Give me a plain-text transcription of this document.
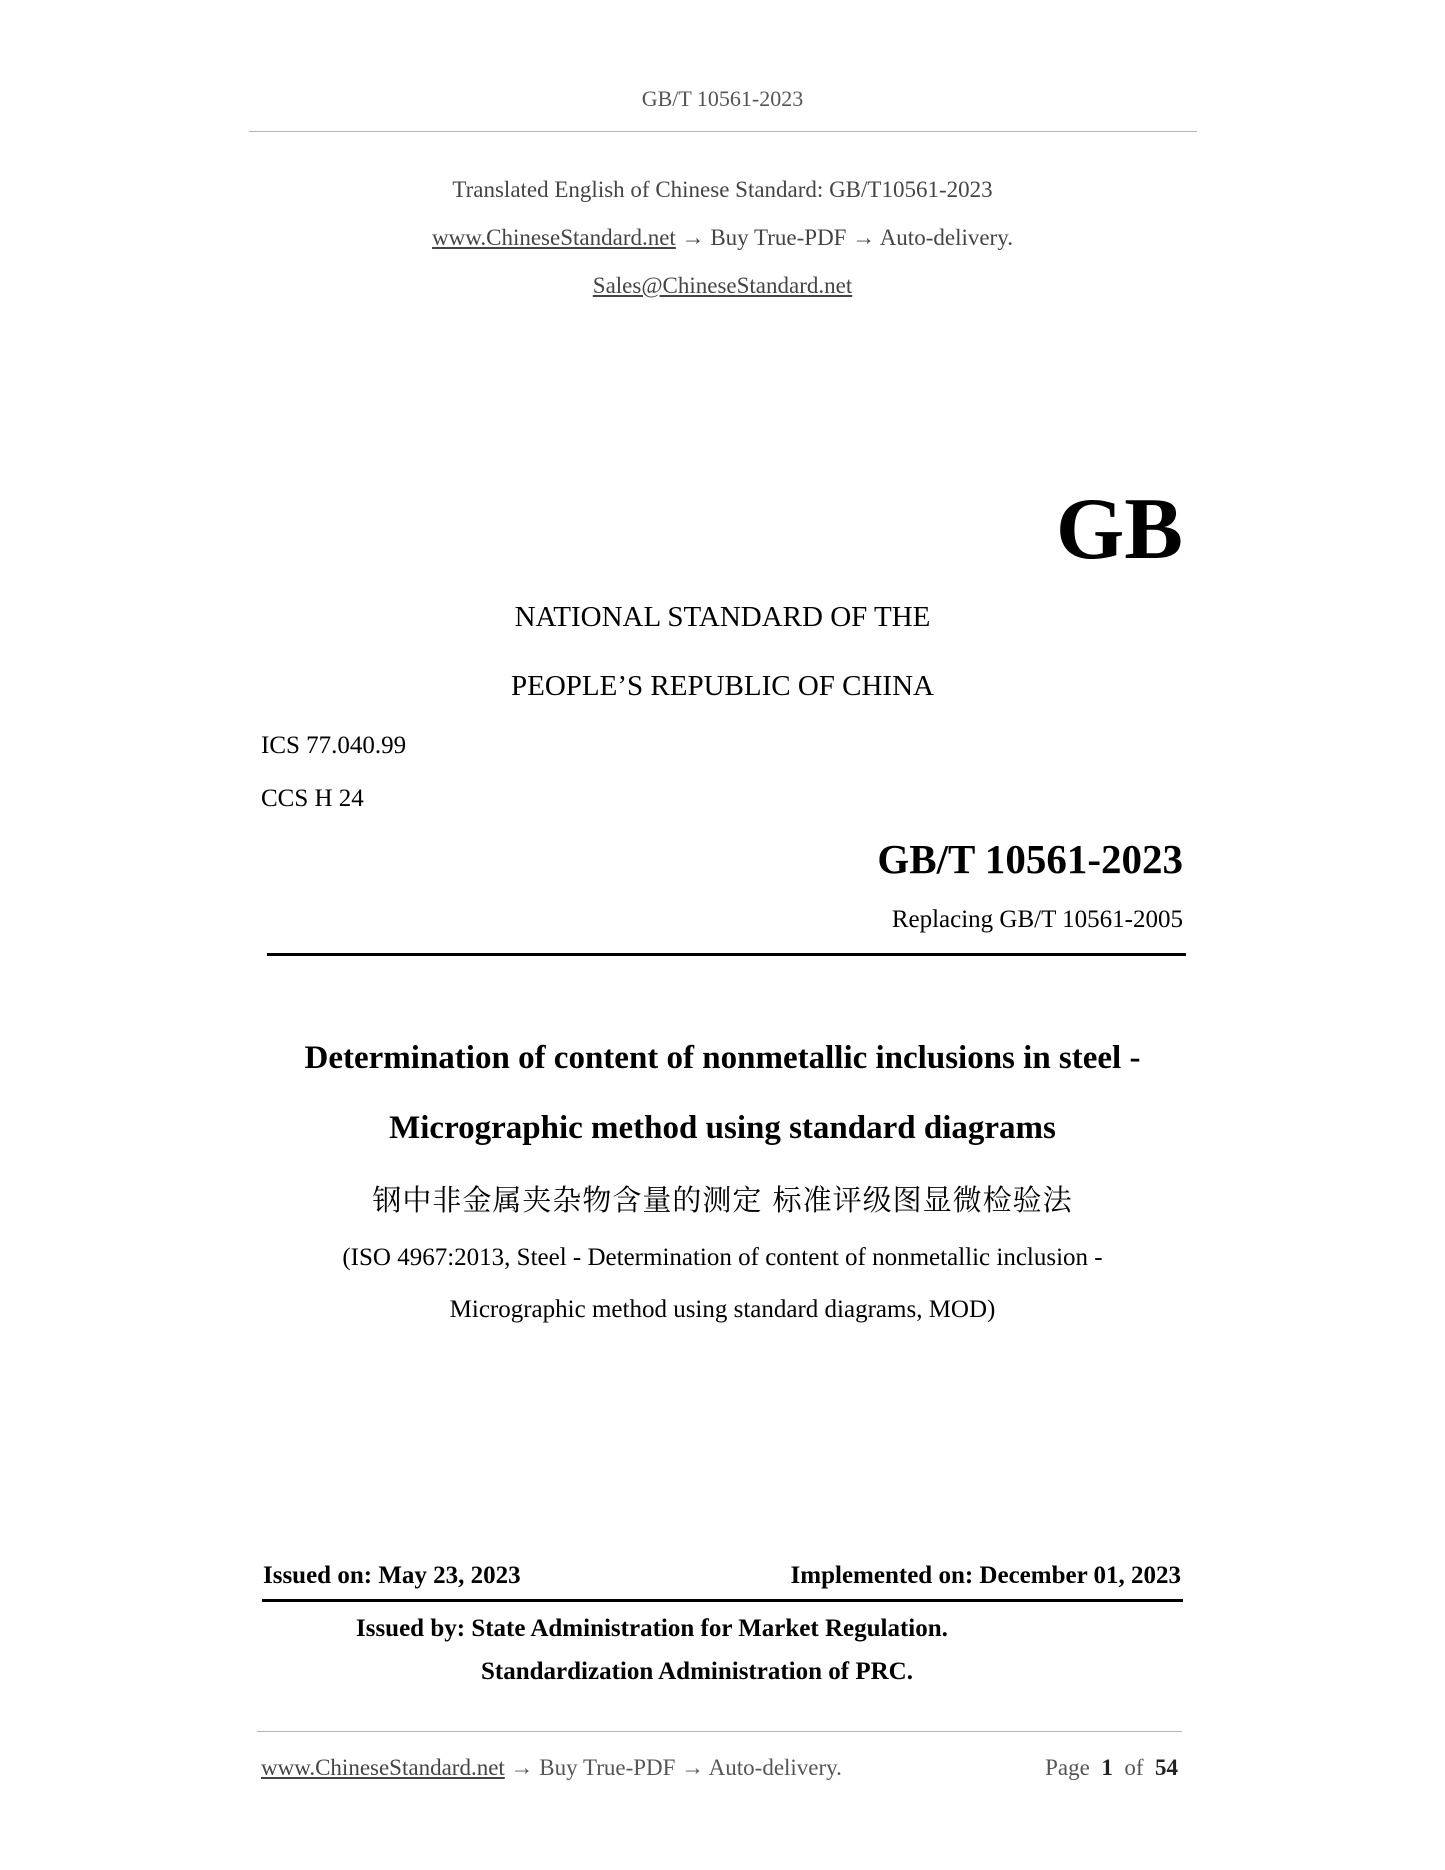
GB/T 10561-2023
Translated English of Chinese Standard: GB/T10561-2023
www.ChineseStandard.net → Buy True-PDF → Auto-delivery.
Sales@ChineseStandard.net
GB
NATIONAL STANDARD OF THE
PEOPLE’S REPUBLIC OF CHINA
ICS 77.040.99
CCS H 24
GB/T 10561-2023
Replacing GB/T 10561-2005
Determination of content of nonmetallic inclusions in steel -
Micrographic method using standard diagrams
钢中非金属夹杂物含量的测定 标准评级图显微检验法
(ISO 4967:2013, Steel - Determination of content of nonmetallic inclusion -
Micrographic method using standard diagrams, MOD)
Issued on: May 23, 2023	Implemented on: December 01, 2023
Issued by: State Administration for Market Regulation.
Standardization Administration of PRC.
www.ChineseStandard.net → Buy True-PDF → Auto-delivery.	Page 1 of 54
